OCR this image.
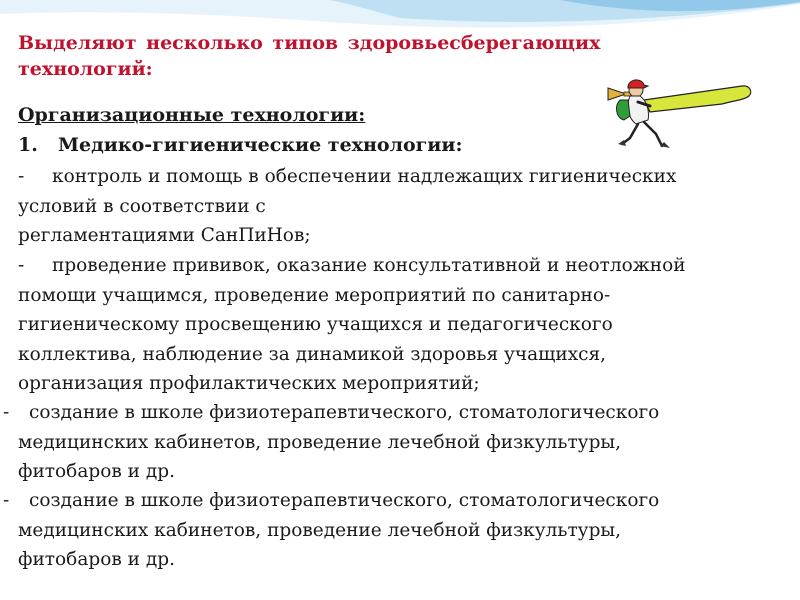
Выделяют несколько типов здоровьесберегающих
технологий:
Организационные технологии:
1. Медико-гигиенические технологии:
- контроль и помощь в обеспечении надлежащих гигиенических
условий в соответствии с
регламентациями СанПиНов;
- проведение прививок, оказание консультативной и неотложной
помощи учащимся, проведение мероприятий по санитарно-
гигиеническому просвещению учащихся и педагогического
коллектива, наблюдение за динамикой здоровья учащихся,
организация профилактических мероприятий;
-	создание в школе физиотерапевтического, стоматологического
медицинских кабинетов, проведение лечебной физкультуры,
фитобаров и др.
-	создание в школе физиотерапевтического, стоматологического
медицинских кабинетов, проведение лечебной физкультуры,
фитобаров и др.
